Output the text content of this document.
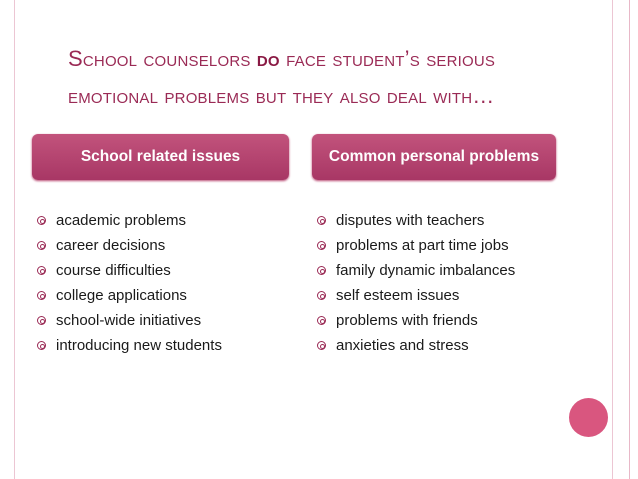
School counselors do face student’s serious
emotional problems but they also deal with…
School related issues	Common personal problems
academic problems
career decisions
course difficulties
college applications
school-wide initiatives
introducing new students
disputes with teachers
problems at part time jobs
family dynamic imbalances
self esteem issues
problems with friends
anxieties and stress
